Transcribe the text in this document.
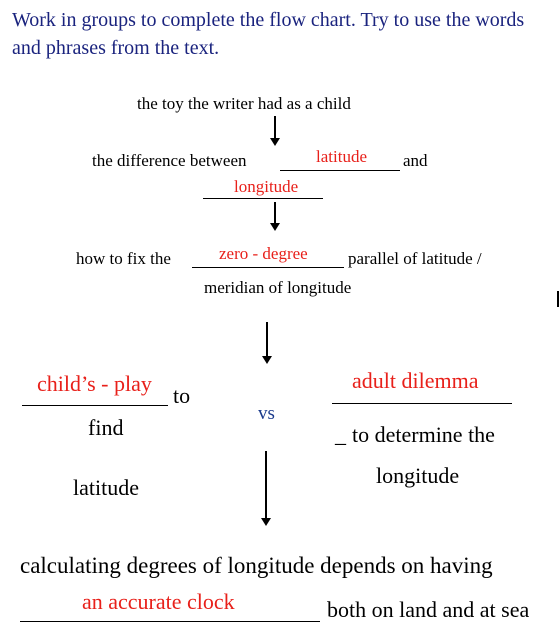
Work in groups to complete the flow chart. Try to use the words and phrases from the text.
the toy the writer had as a child
the difference between	latitude and
longitude
how to fix the	zero - degree parallel of latitude /
meridian of longitude
child’s - play to
find
latitude
vs
adult dilemma
_ to determine the
longitude
calculating degrees of longitude depends on having
an accurate clock	both on land and at sea
